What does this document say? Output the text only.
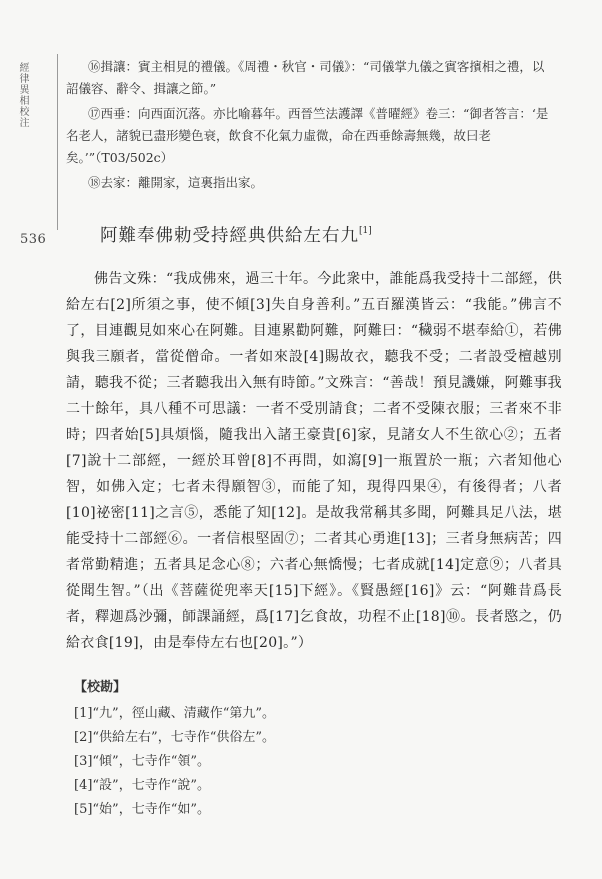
經律異相校注
536

⑯揖讓：賓主相見的禮儀。《周禮・秋官・司儀》：“司儀掌九儀之賓客擯相之禮，以詔儀容、辭令、揖讓之節。”

⑰西垂：向西面沉落。亦比喻暮年。西晉竺法護譯《普曜經》卷三：“御者答言：‘是名老人，諸貌已盡形變色衰，飲食不化氣力虛微，命在西垂餘壽無幾，故曰老矣。’”（T03/502c）

⑱去家：離開家，這裏指出家。

阿難奉佛勅受持經典供給左右九[1]
佛告文殊：“我成佛來，過三十年。今此衆中，誰能爲我受持十二部經，供給左右[2]所須之事，使不傾[3]失自身善利。”五百羅漢皆云：“我能。”佛言不了，目連觀見如來心在阿難。目連累勸阿難，阿難曰：“穢弱不堪奉給①，若佛與我三願者，當從僧命。一者如來設[4]賜故衣，聽我不受；二者設受檀越別請，聽我不從；三者聽我出入無有時節。”文殊言：“善哉！預見譏嫌，阿難事我二十餘年，具八種不可思議：一者不受別請食；二者不受陳衣服；三者來不非時；四者始[5]具煩惱，隨我出入諸王豪貴[6]家，見諸女人不生欲心②；五者[7]說十二部經，一經於耳曾[8]不再問，如瀉[9]一瓶置於一瓶；六者知他心智，如佛入定；七者未得願智③，而能了知，現得四果④，有後得者；八者[10]祕密[11]之言⑤，悉能了知[12]。是故我常稱其多聞，阿難具足八法，堪能受持十二部經⑥。一者信根堅固⑦；二者其心勇進[13]；三者身無病苦；四者常勤精進；五者具足念心⑧；六者心無憍慢；七者成就[14]定意⑨；八者具從聞生智。”（出《菩薩從兜率天[15]下經》。《賢愚經[16]》云：“阿難昔爲長者，釋迦爲沙彌，師課誦經，爲[17]乞食故，功程不止[18]⑩。長者愍之，仍給衣食[19]，由是奉侍左右也[20]。”）
【校勘】

[1]“九”，徑山藏、清藏作“第九”。

[2]“供給左右”，七寺作“供俗左”。

[3]“傾”，七寺作“領”。

[4]“設”，七寺作“說”。

[5]“始”，七寺作“如”。
